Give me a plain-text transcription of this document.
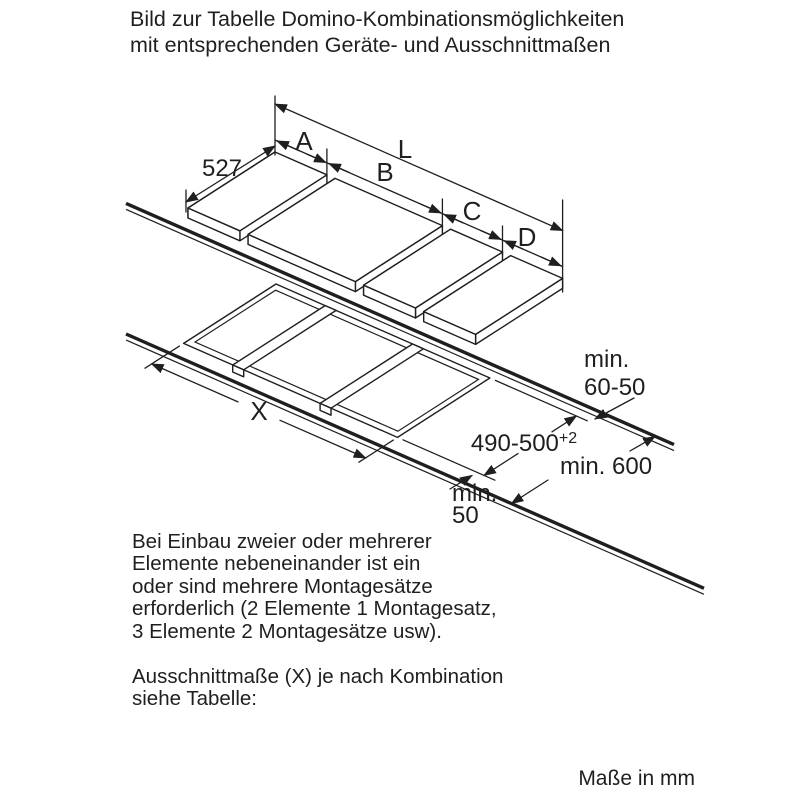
Bild zur Tabelle Domino-Kombinationsmöglichkeiten
mit entsprechenden Geräte- und Ausschnittmaßen
X
$490-500^{+2}$
min.
60-50
min. 600
min.
50
527
L
A
B
C
D
Bei Einbau zweier oder mehrerer
Elemente nebeneinander ist ein
oder sind mehrere Montagesätze
erforderlich (2 Elemente 1 Montagesatz,
3 Elemente 2 Montagesätze usw).
Ausschnittmaße (X) je nach Kombination
siehe Tabelle:
Maße in mm
